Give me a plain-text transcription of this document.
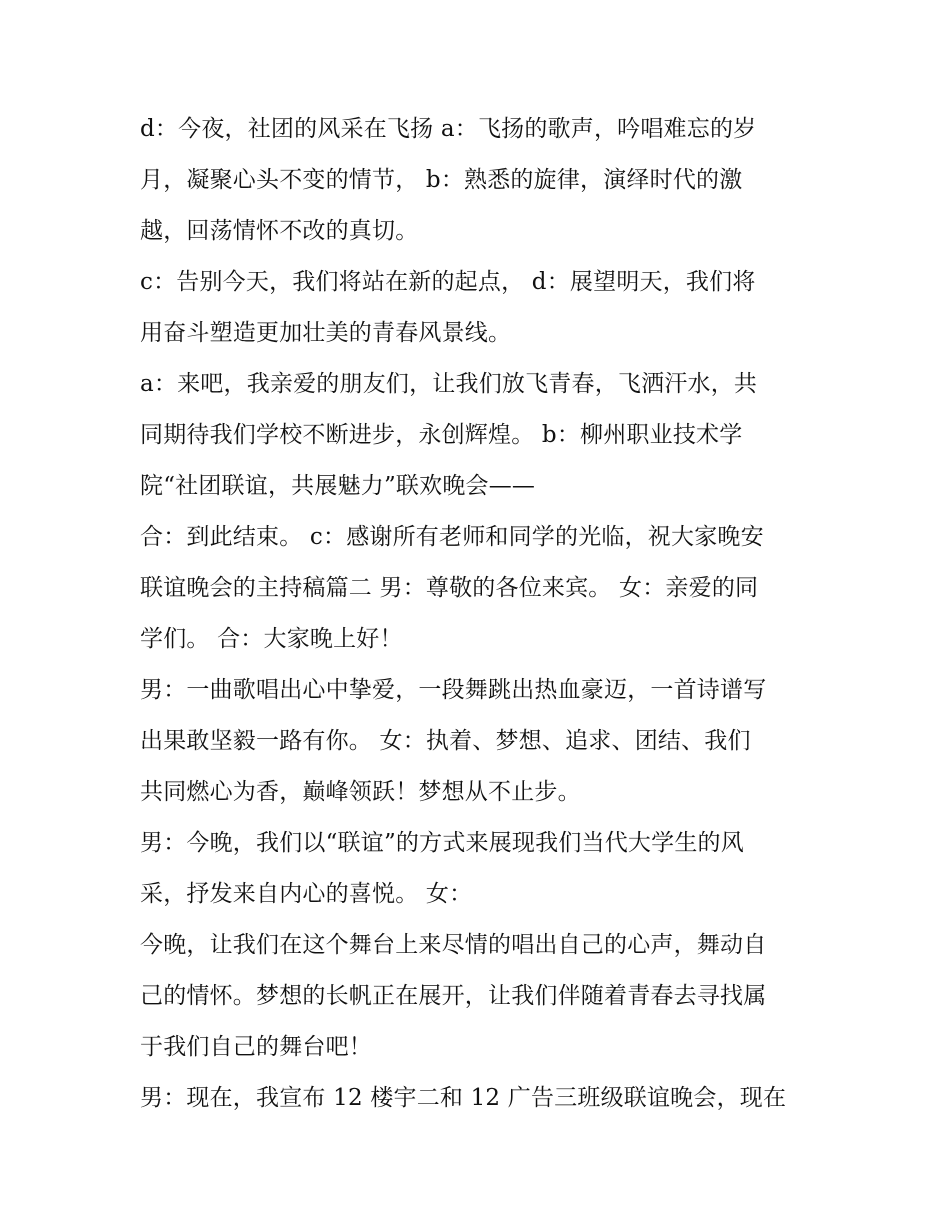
d：今夜，社团的风采在飞扬 a：飞扬的歌声，吟唱难忘的岁
月，凝聚心头不变的情节， b：熟悉的旋律，演绎时代的激
越，回荡情怀不改的真切。
c：告别今天，我们将站在新的起点， d：展望明天，我们将
用奋斗塑造更加壮美的青春风景线。
a：来吧，我亲爱的朋友们，让我们放飞青春，飞洒汗水，共
同期待我们学校不断进步，永创辉煌。 b：柳州职业技术学
院“社团联谊，共展魅力”联欢晚会——
合：到此结束。 c：感谢所有老师和同学的光临，祝大家晚安
联谊晚会的主持稿篇二 男：尊敬的各位来宾。 女：亲爱的同
学们。 合：大家晚上好！
男：一曲歌唱出心中挚爱，一段舞跳出热血豪迈，一首诗谱写
出果敢坚毅一路有你。 女：执着、梦想、追求、团结、我们
共同燃心为香，巅峰领跃！梦想从不止步。
男：今晚，我们以“联谊”的方式来展现我们当代大学生的风
采，抒发来自内心的喜悦。 女：
今晚，让我们在这个舞台上来尽情的唱出自己的心声，舞动自
己的情怀。梦想的长帆正在展开，让我们伴随着青春去寻找属
于我们自己的舞台吧！
男：现在，我宣布 12 楼宇二和 12 广告三班级联谊晚会，现在
